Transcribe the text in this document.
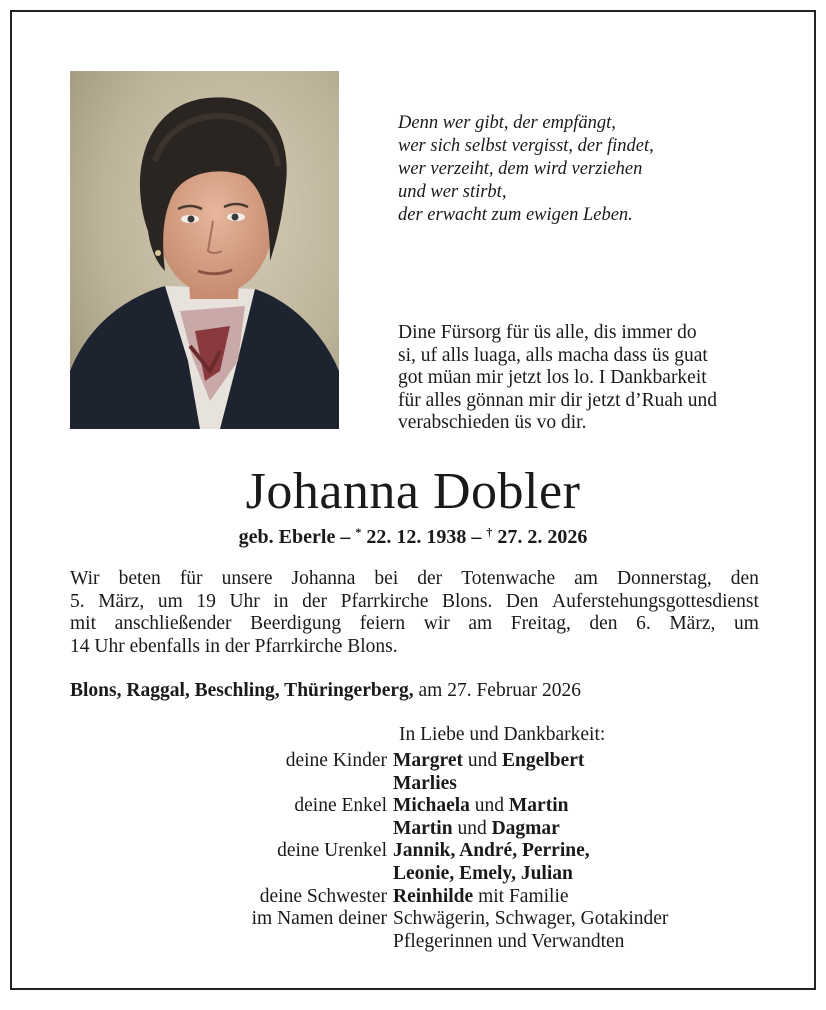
Denn wer gibt, der empfängt,
wer sich selbst vergisst, der findet,
wer verzeiht, dem wird verziehen
und wer stirbt,
der erwacht zum ewigen Leben.
Dine Fürsorg für üs alle, dis immer do
si, uf alls luaga, alls macha dass üs guat
got müan mir jetzt los lo. I Dankbarkeit
für alles gönnan mir dir jetzt d’Ruah und
verabschieden üs vo dir.
Johanna Dobler
geb. Eberle – * 22. 12. 1938 – † 27. 2. 2026
Wir beten für unsere Johanna bei der Totenwache am Donnerstag, den
5. März, um 19 Uhr in der Pfarrkirche Blons. Den Auferstehungsgottesdienst
mit anschließender Beerdigung feiern wir am Freitag, den 6. März, um
14 Uhr ebenfalls in der Pfarrkirche Blons.
Blons, Raggal, Beschling, Thüringerberg, am 27. Februar 2026
In Liebe und Dankbarkeit:
deine Kinder Margret und Engelbert
Marlies
deine Enkel Michaela und Martin
Martin und Dagmar
deine Urenkel Jannik, André, Perrine,
Leonie, Emely, Julian
deine Schwester Reinhilde mit Familie
im Namen deiner Schwägerin, Schwager, Gotakinder
Pflegerinnen und Verwandten
